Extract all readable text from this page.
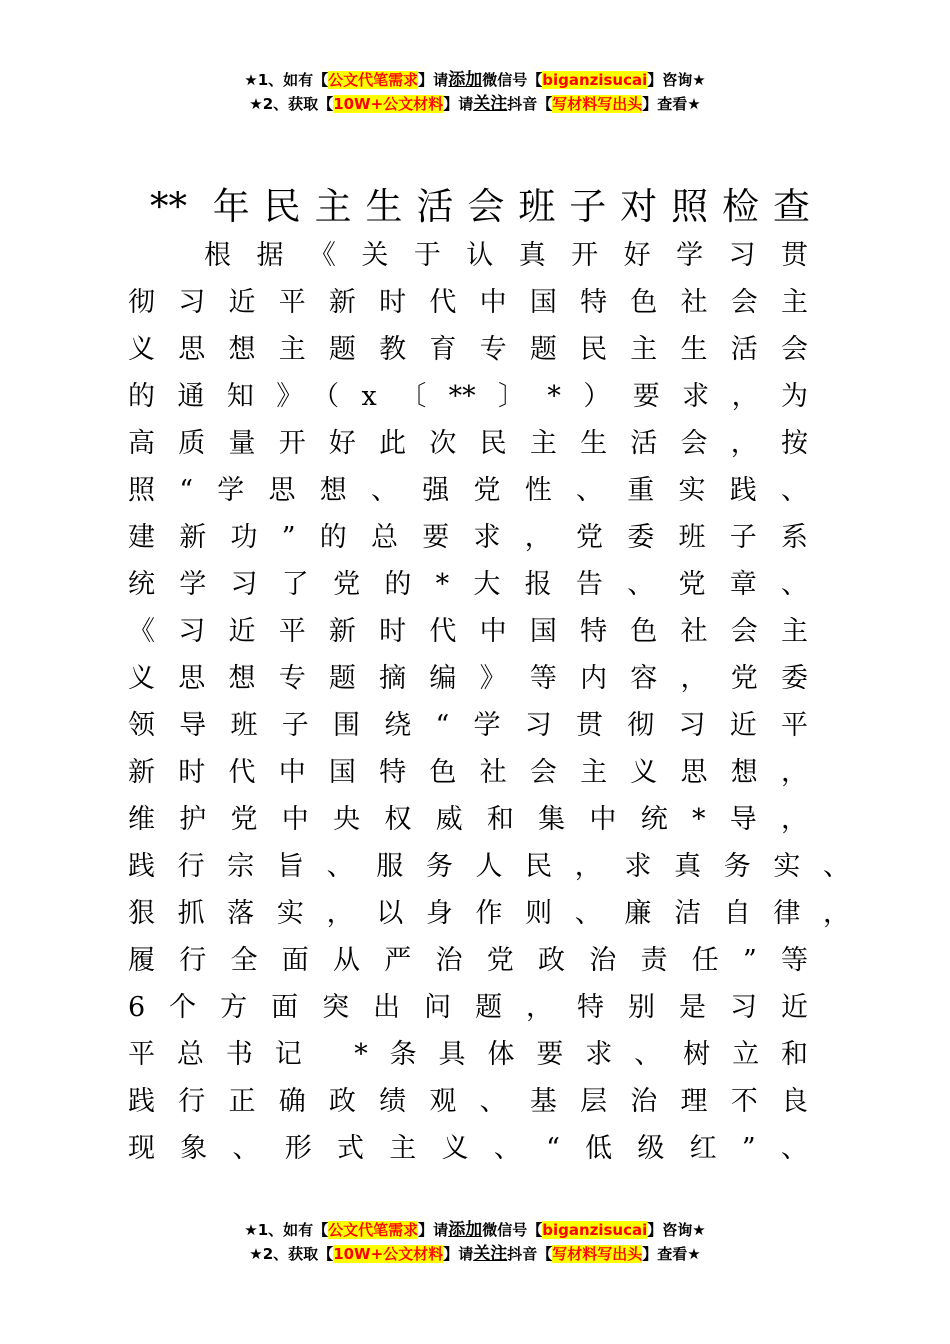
★1、如有【公文代笔需求】请添加微信号【biganzisucai】咨询★
★2、获取【10W+公文材料】请关注抖音【写材料写出头】查看★
** 年民主生活会班子对照检查
根据《关于认真开好学习贯
彻习近平新时代中国特色社会主
义思想主题教育专题民主生活会
的通知》（x〔**〕*）要求，为
高质量开好此次民主生活会，按
照“学思想、强党性、重实践、
建新功”的总要求，党委班子系
统学习了党的*大报告、党章、
《习近平新时代中国特色社会主
义思想专题摘编》等内容，党委
领导班子围绕“学习贯彻习近平
新时代中国特色社会主义思想，
维护党中央权威和集中统*导，
践行宗旨、服务人民，求真务实、
狠抓落实，以身作则、廉洁自律，
履行全面从严治党政治责任”等
6个方面突出问题，特别是习近
平总书记 *条具体要求、树立和
践行正确政绩观、基层治理不良
现象、形式主义、“低级红”、
★1、如有【公文代笔需求】请添加微信号【biganzisucai】咨询★
★2、获取【10W+公文材料】请关注抖音【写材料写出头】查看★
